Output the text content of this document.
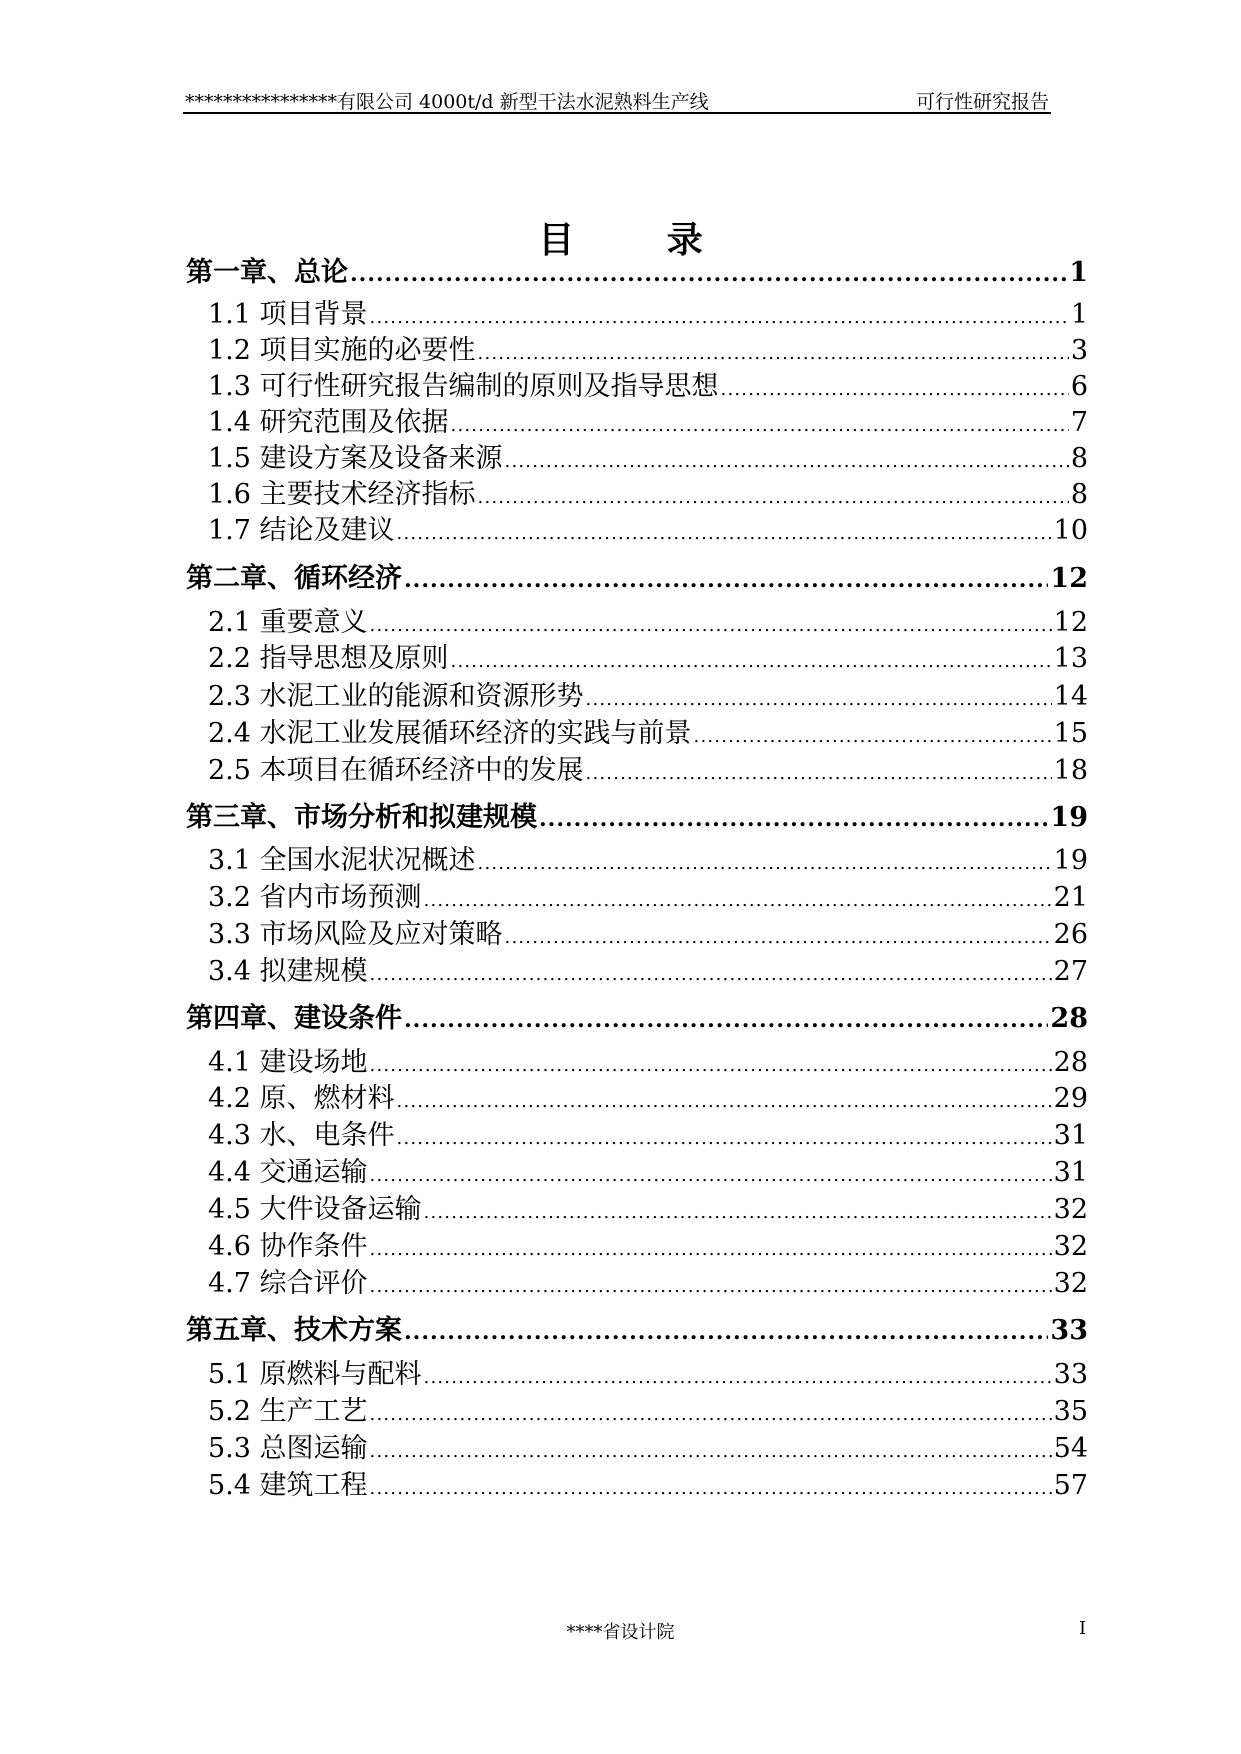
****************有限公司 4000t/d 新型干法水泥熟料生产线	可行性研究报告
目 录
第一章、总论 .....	1
1.1 项目背景 .....	1
1.2 项目实施的必要性 .....	3
1.3 可行性研究报告编制的原则及指导思想 .....	6
1.4 研究范围及依据 .....	7
1.5 建设方案及设备来源 .....	8
1.6 主要技术经济指标 .....	8
1.7 结论及建议 .....	10
第二章、循环经济 .....	12
2.1 重要意义 .....	12
2.2 指导思想及原则 .....	13
2.3 水泥工业的能源和资源形势 .....	14
2.4 水泥工业发展循环经济的实践与前景 .....	15
2.5 本项目在循环经济中的发展 .....	18
第三章、市场分析和拟建规模 .....	19
3.1 全国水泥状况概述 .....	19
3.2 省内市场预测 .....	21
3.3 市场风险及应对策略 .....	26
3.4 拟建规模 .....	27
第四章、建设条件 .....	28
4.1 建设场地 .....	28
4.2 原、燃材料 .....	29
4.3 水、电条件 .....	31
4.4 交通运输 .....	31
4.5 大件设备运输 .....	32
4.6 协作条件 .....	32
4.7 综合评价 .....	32
第五章、技术方案 .....	33
5.1 原燃料与配料 .....	33
5.2 生产工艺 .....	35
5.3 总图运输 .....	54
5.4 建筑工程 .....	57
****省设计院	I
